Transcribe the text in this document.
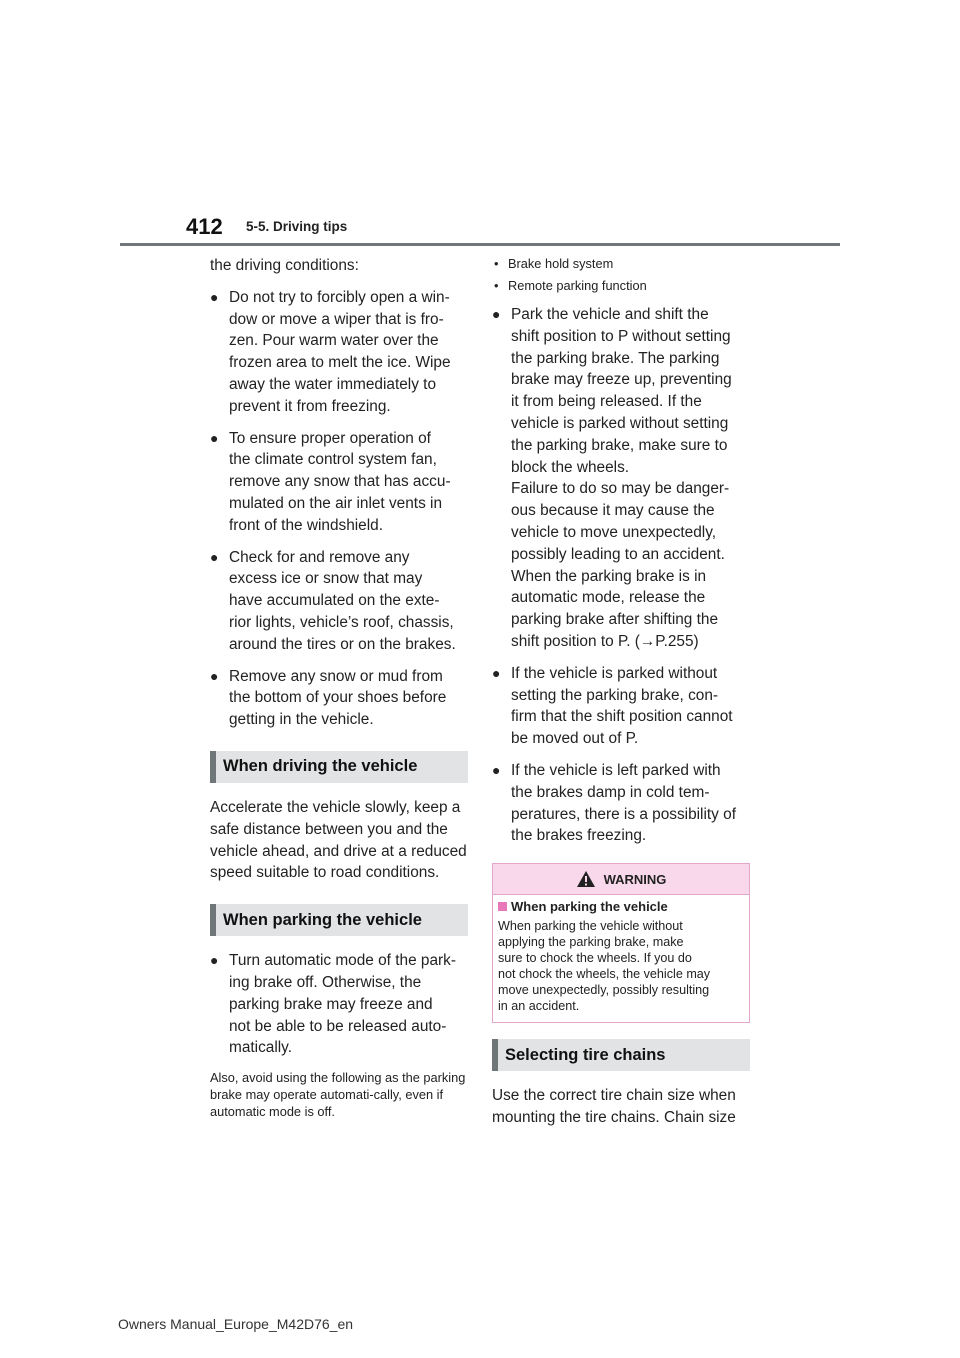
412 5-5. Driving tips

the driving conditions:

● Do not try to forcibly open a win-
dow or move a wiper that is fro-
zen. Pour warm water over the
frozen area to melt the ice. Wipe
away the water immediately to
prevent it from freezing.
● To ensure proper operation of
the climate control system fan,
remove any snow that has accu-
mulated on the air inlet vents in
front of the windshield.
● Check for and remove any
excess ice or snow that may
have accumulated on the exte-
rior lights, vehicle’s roof, chassis,
around the tires or on the brakes.
● Remove any snow or mud from
the bottom of your shoes before
getting in the vehicle.
When driving the vehicle

Accelerate the vehicle slowly, keep a safe distance between you and the vehicle ahead, and drive at a reduced speed suitable to road conditions.

When parking the vehicle
● Turn automatic mode of the park-
ing brake off. Otherwise, the
parking brake may freeze and
not be able to be released auto-
matically.

Also, avoid using the following as the parking brake may operate automati-cally, even if automatic mode is off.

• Brake hold system
• Remote parking function
● Park the vehicle and shift the
shift position to P without setting
the parking brake. The parking
brake may freeze up, preventing
it from being released. If the
vehicle is parked without setting
the parking brake, make sure to
block the wheels.
Failure to do so may be danger-
ous because it may cause the
vehicle to move unexpectedly,
possibly leading to an accident.
When the parking brake is in
automatic mode, release the
parking brake after shifting the
shift position to P. (→P.255)
● If the vehicle is parked without
setting the parking brake, con-
firm that the shift position cannot
be moved out of P.
● If the vehicle is left parked with
the brakes damp in cold tem-
peratures, there is a possibility of
the brakes freezing.
WARNING

When parking the vehicle

When parking the vehicle without
applying the parking brake, make
sure to chock the wheels. If you do
not chock the wheels, the vehicle may
move unexpectedly, possibly resulting
in an accident.

Selecting tire chains

Use the correct tire chain size when mounting the tire chains. Chain size

Owners Manual_Europe_M42D76_en
